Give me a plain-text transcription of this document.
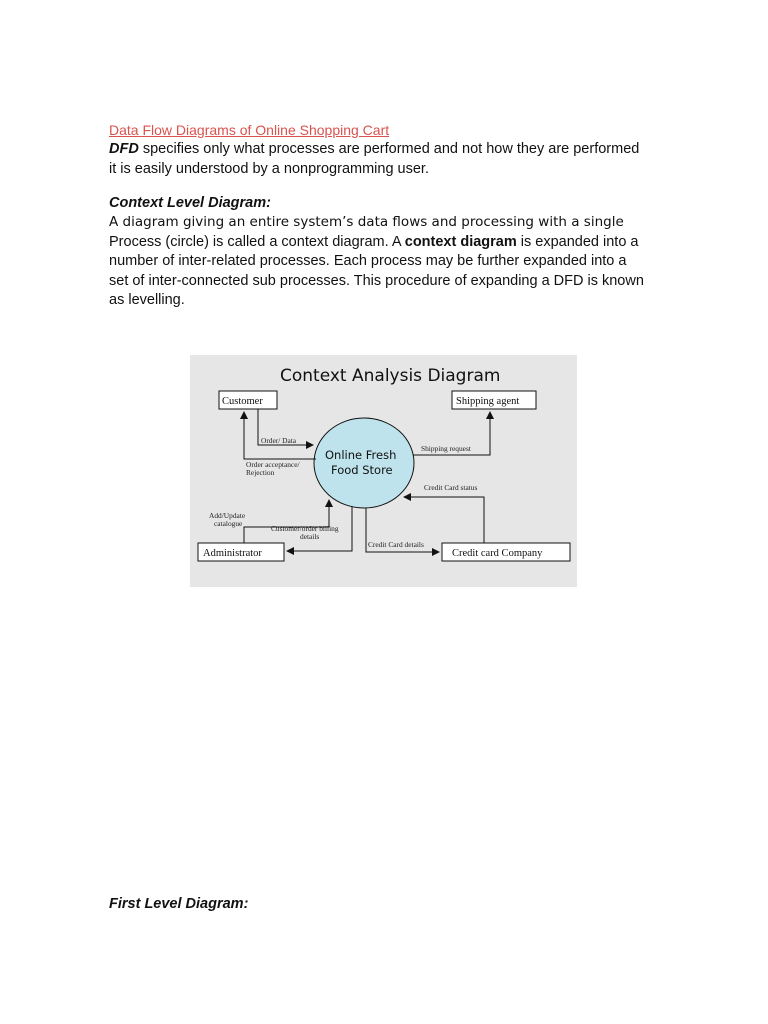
Data Flow Diagrams of Online Shopping Cart
DFD specifies only what processes are performed and not how they are performed
it is easily understood by a nonprogramming user.
Context Level Diagram:
A diagram giving an entire system’s data flows and processing with a single
Process (circle) is called a context diagram. A context diagram is expanded into a
number of inter-related processes. Each process may be further expanded into a
set of inter-connected sub processes. This procedure of expanding a DFD is known
as levelling.
Context Analysis Diagram
Customer	Shipping agent
Administrator	Credit card Company
Online Fresh
Food Store
Order/ Data
Order acceptance/
Rejection
Shipping request
Credit Card status
Add/Update
catalogue
Customer/order billing
details
Credit Card details
First Level Diagram:
